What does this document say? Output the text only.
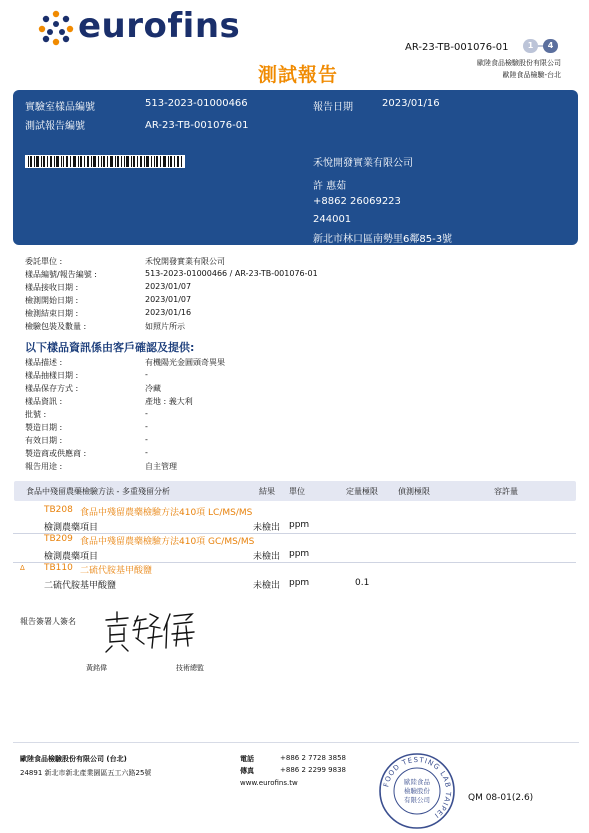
eurofins
AR-23-TB-001076-01	1	4
測試報告
歐陸食品檢驗股份有限公司
歐陸食品檢驗-台北
實驗室樣品編號	513-2023-01000466	報告日期	2023/01/16
測試報告編號	AR-23-TB-001076-01
禾悅開發實業有限公司
許 惠茹
+8862 26069223
244001
新北市林口區南勢里6鄰85-3號
委託單位 :	禾悅開發實業有限公司
樣品編號/報告編號 :	513-2023-01000466 / AR-23-TB-001076-01
樣品接收日期 :	2023/01/07
檢測開始日期 :	2023/01/07
檢測結束日期 :	2023/01/16
檢驗包裝及數量 :	如照片所示
以下樣品資訊係由客戶確認及提供:
樣品描述 :	有機陽光金圓頭奇異果
樣品抽樣日期 :	-
樣品保存方式 :	冷藏
樣品資訊 :	產地 : 義大利
批號 :	-
製造日期 :	-
有效日期 :	-
製造商或供應商 :	-
報告用途 :	自主管理
食品中殘留農藥檢驗方法 - 多重殘留分析	結果 單位	定量極限	偵測極限	容許量
TB208 食品中殘留農藥檢驗方法410項 LC/MS/MS
檢測農藥項目	未檢出 ppm
TB209 食品中殘留農藥檢驗方法410項 GC/MS/MS
檢測農藥項目	未檢出 ppm
Δ TB110 二硫代胺基甲酸鹽
二硫代胺基甲酸鹽	未檢出 ppm	0.1
報告簽署人簽名
黃銘偉	技術總監
歐陸食品檢驗股份有限公司 (台北)
24891 新北市新北產業園區五工六路25號
電話	+886 2 7728 3858
傳真	+886 2 2299 9838
www.eurofins.tw	FOOD TESTING LAB TAIPEI
歐陸食品
檢驗股份
有限公司	QM 08-01(2.6)
